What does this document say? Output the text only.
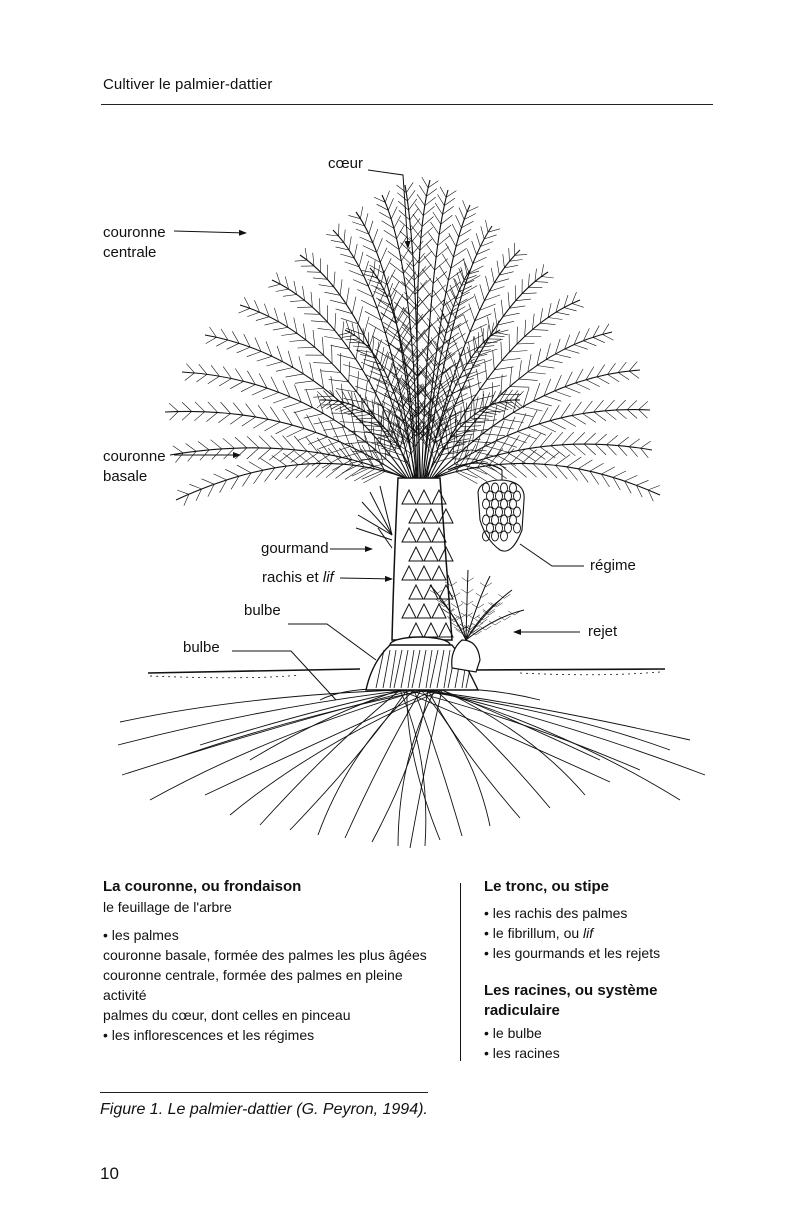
Cultiver le palmier-dattier
cœur
couronne
centrale
couronne
basale
gourmand
rachis et lif
bulbe
bulbe
régime
rejet
La couronne, ou frondaison

le feuillage de l'arbre

• les palmes

couronne basale, formée des palmes les plus âgées

couronne centrale, formée des palmes en pleine activité

palmes du cœur, dont celles en pinceau

• les inflorescences et les régimes

Le tronc, ou stipe

• les rachis des palmes

• le fibrillum, ou lif

• les gourmands et les rejets

Les racines, ou système radiculaire

• le bulbe

• les racines

Figure 1. Le palmier-dattier (G. Peyron, 1994).
10
